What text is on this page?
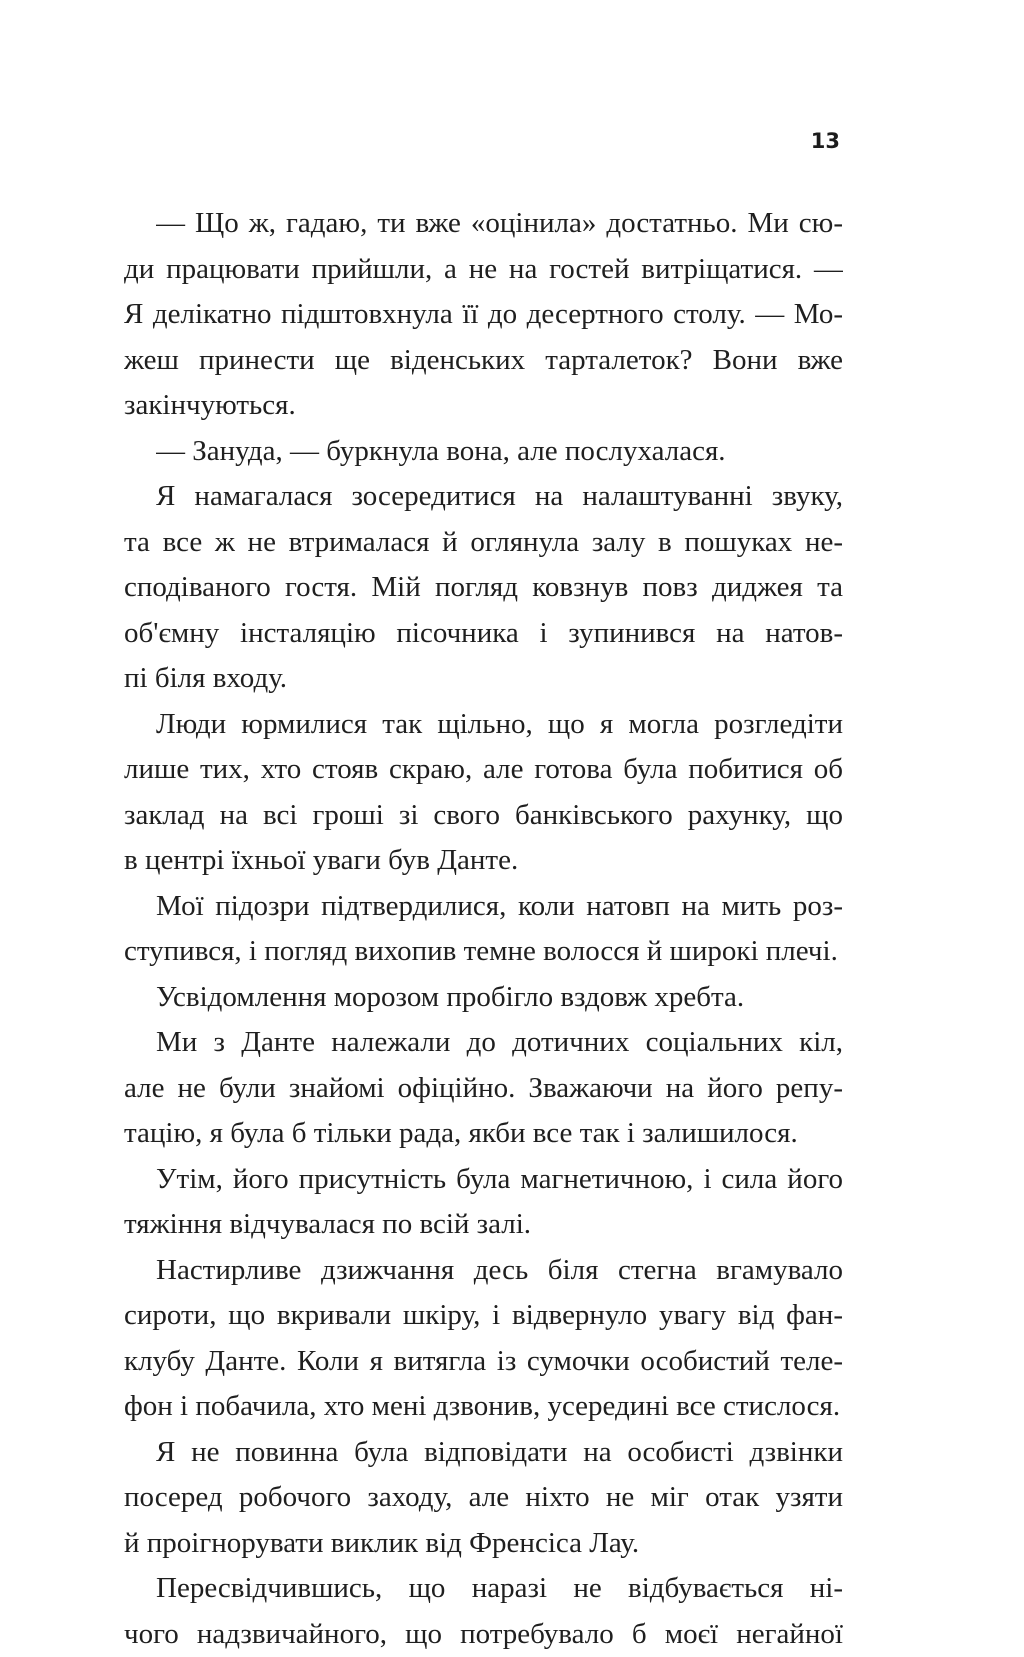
13
— Що ж, гадаю, ти вже «оцінила» достатньо. Ми сю-
ди працювати прийшли, а не на гостей витріщатися. —
Я делікатно підштовхнула її до десертного столу. — Мо-
жеш принести ще віденських тарталеток? Вони вже
закінчуються.
— Зануда, — буркнула вона, але послухалася.
Я намагалася зосередитися на налаштуванні звуку,
та все ж не втрималася й оглянула залу в пошуках не-
сподіваного гостя. Мій погляд ковзнув повз диджея та
об'ємну інсталяцію пісочника і зупинився на натов-
пі біля входу.
Люди юрмилися так щільно, що я могла розгледіти
лише тих, хто стояв скраю, але готова була побитися об
заклад на всі гроші зі свого банківського рахунку, що
в центрі їхньої уваги був Данте.
Мої підозри підтвердилися, коли натовп на мить роз-
ступився, і погляд вихопив темне волосся й широкі плечі.
Усвідомлення морозом пробігло вздовж хребта.
Ми з Данте належали до дотичних соціальних кіл,
але не були знайомі офіційно. Зважаючи на його репу-
тацію, я була б тільки рада, якби все так і залишилося.
Утім, його присутність була магнетичною, і сила його
тяжіння відчувалася по всій залі.
Настирливе дзижчання десь біля стегна вгамувало
сироти, що вкривали шкіру, і відвернуло увагу від фан-
клубу Данте. Коли я витягла із сумочки особистий теле-
фон і побачила, хто мені дзвонив, усередині все стислося.
Я не повинна була відповідати на особисті дзвінки
посеред робочого заходу, але ніхто не міг отак узяти
й проігнорувати виклик від Френсіса Лау.
Пересвідчившись, що наразі не відбувається ні-
чого надзвичайного, що потребувало б моєї негайної
